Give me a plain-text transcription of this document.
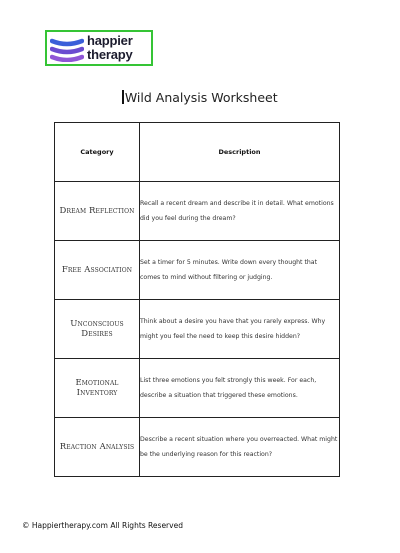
happier
therapy
Wild Analysis Worksheet
Category	Description
Dream Reflection	Recall a recent dream and describe it in detail. What emotions did you feel during the dream?
Free Association	Set a timer for 5 minutes. Write down every thought that comes to mind without filtering or judging.
Unconscious Desires	Think about a desire you have that you rarely express. Why might you feel the need to keep this desire hidden?
Emotional Inventory	List three emotions you felt strongly this week. For each, describe a situation that triggered these emotions.
Reaction Analysis	Describe a recent situation where you overreacted. What might be the underlying reason for this reaction?
© Happiertherapy.com All Rights Reserved
